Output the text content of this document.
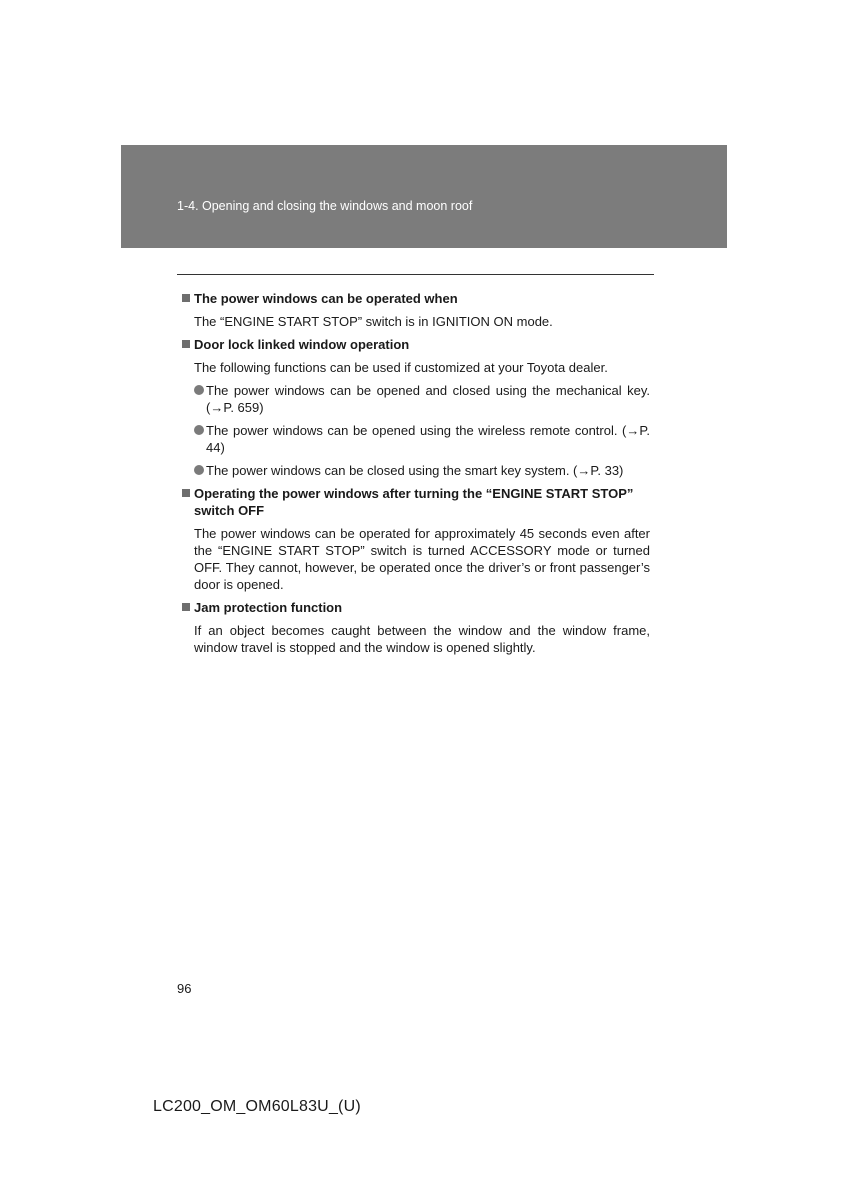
1-4. Opening and closing the windows and moon roof
The power windows can be operated when

The “ENGINE START STOP” switch is in IGNITION ON mode.

Door lock linked window operation

The following functions can be used if customized at your Toyota dealer.

The power windows can be opened and closed using the mechanical key. (→P. 659)
The power windows can be opened using the wireless remote control. (→P. 44)
The power windows can be closed using the smart key system. (→P. 33)
Operating the power windows after turning the “ENGINE START STOP” switch OFF

The power windows can be operated for approximately 45 seconds even after the “ENGINE START STOP” switch is turned ACCESSORY mode or turned OFF. They cannot, however, be operated once the driver’s or front passenger’s door is opened.

Jam protection function

If an object becomes caught between the window and the window frame, window travel is stopped and the window is opened slightly.

96
LC200_OM_OM60L83U_(U)
